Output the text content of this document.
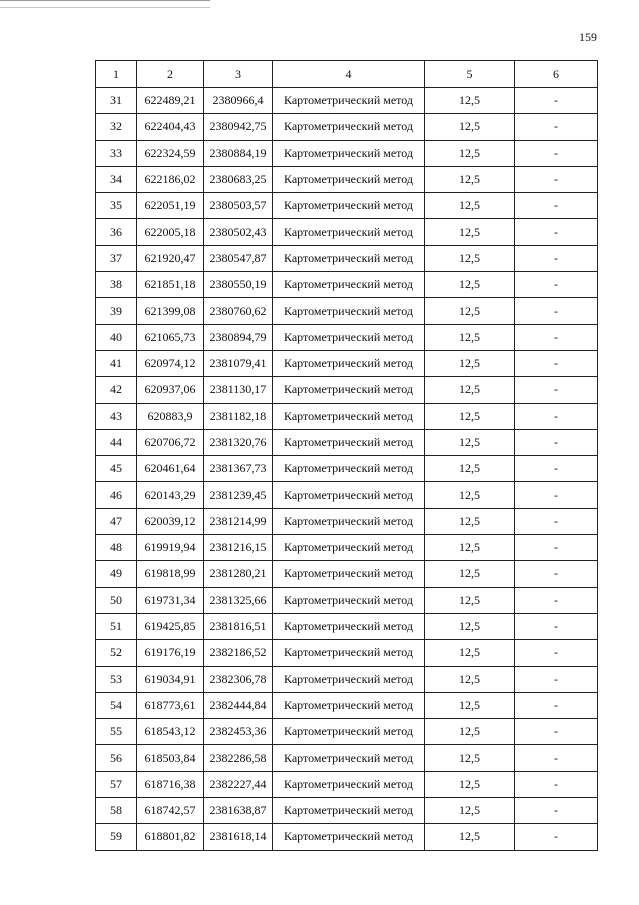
159
1	2	3	4	5	6
31	622489,21	2380966,4	Картометрический метод	12,5	-
32	622404,43	2380942,75	Картометрический метод	12,5	-
33	622324,59	2380884,19	Картометрический метод	12,5	-
34	622186,02	2380683,25	Картометрический метод	12,5	-
35	622051,19	2380503,57	Картометрический метод	12,5	-
36	622005,18	2380502,43	Картометрический метод	12,5	-
37	621920,47	2380547,87	Картометрический метод	12,5	-
38	621851,18	2380550,19	Картометрический метод	12,5	-
39	621399,08	2380760,62	Картометрический метод	12,5	-
40	621065,73	2380894,79	Картометрический метод	12,5	-
41	620974,12	2381079,41	Картометрический метод	12,5	-
42	620937,06	2381130,17	Картометрический метод	12,5	-
43	620883,9	2381182,18	Картометрический метод	12,5	-
44	620706,72	2381320,76	Картометрический метод	12,5	-
45	620461,64	2381367,73	Картометрический метод	12,5	-
46	620143,29	2381239,45	Картометрический метод	12,5	-
47	620039,12	2381214,99	Картометрический метод	12,5	-
48	619919,94	2381216,15	Картометрический метод	12,5	-
49	619818,99	2381280,21	Картометрический метод	12,5	-
50	619731,34	2381325,66	Картометрический метод	12,5	-
51	619425,85	2381816,51	Картометрический метод	12,5	-
52	619176,19	2382186,52	Картометрический метод	12,5	-
53	619034,91	2382306,78	Картометрический метод	12,5	-
54	618773,61	2382444,84	Картометрический метод	12,5	-
55	618543,12	2382453,36	Картометрический метод	12,5	-
56	618503,84	2382286,58	Картометрический метод	12,5	-
57	618716,38	2382227,44	Картометрический метод	12,5	-
58	618742,57	2381638,87	Картометрический метод	12,5	-
59	618801,82	2381618,14	Картометрический метод	12,5	-
